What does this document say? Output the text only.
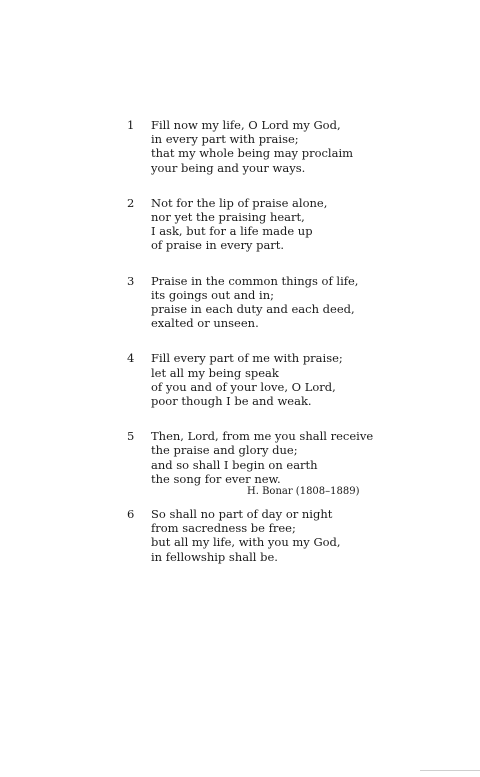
1	Fill now my life, O Lord my God,
in every part with praise;
that my whole being may proclaim
your being and your ways.
2	Not for the lip of praise alone,
nor yet the praising heart,
I ask, but for a life made up
of praise in every part.
3	Praise in the common things of life,
its goings out and in;
praise in each duty and each deed,
exalted or unseen.
4	Fill every part of me with praise;
let all my being speak
of you and of your love, O Lord,
poor though I be and weak.
5	Then, Lord, from me you shall receive
the praise and glory due;
and so shall I begin on earth
the song for ever new.
6	So shall no part of day or night
from sacredness be free;
but all my life, with you my God,
in fellowship shall be.
H. Bonar (1808–1889)
